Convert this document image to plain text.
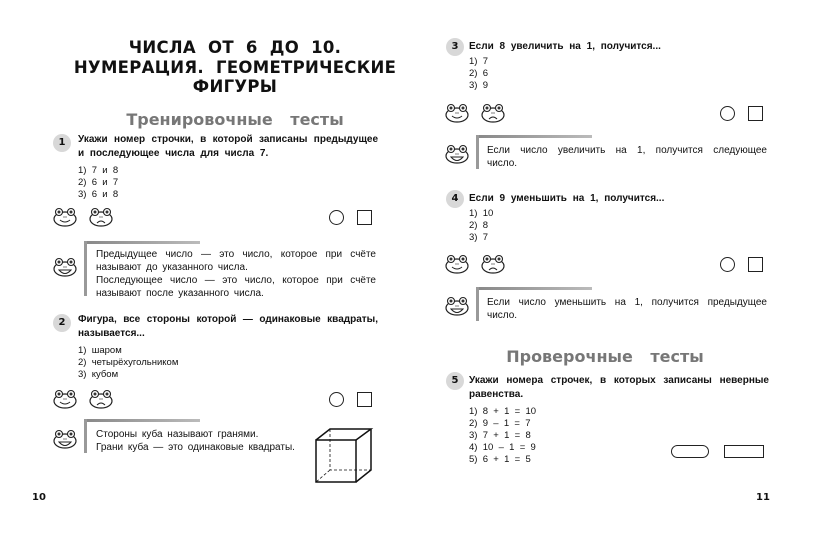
ЧИСЛА ОТ 6 ДО 10.
НУМЕРАЦИЯ. ГЕОМЕТРИЧЕСКИЕ
ФИГУРЫ
Тренировочные тесты
1	Укажи номер строчки, в которой записаны предыдущее и последующее числа для числа 7.
1)  7  и  8
2)  6  и  7
3)  6  и  8
Предыдущее число — это число, которое при счёте называют до указанного числа.
Последующее число — это число, которое при счёте называют после указанного числа.
2	Фигура, все стороны которой — одинаковые квадраты, называется...
1)  шаром
2)  четырёхугольником
3)  кубом
Стороны куба называют гранями.
Грани куба — это одинаковые квадраты.
10
3	Если 8 увеличить на 1, получится...
1)  7
2)  6
3)  9
Если число увеличить на 1, получится следующее число.
4	Если 9 уменьшить на 1, получится...
1)  10
2)  8
3)  7
Если число уменьшить на 1, получится предыдущее число.
Проверочные тесты
5	Укажи номера строчек, в которых записаны неверные равенства.
1)  8  +  1  =  10
2)  9  –  1  =  7
3)  7  +  1  =  8
4)  10  –  1  =  9
5)  6  +  1  =  5
11
